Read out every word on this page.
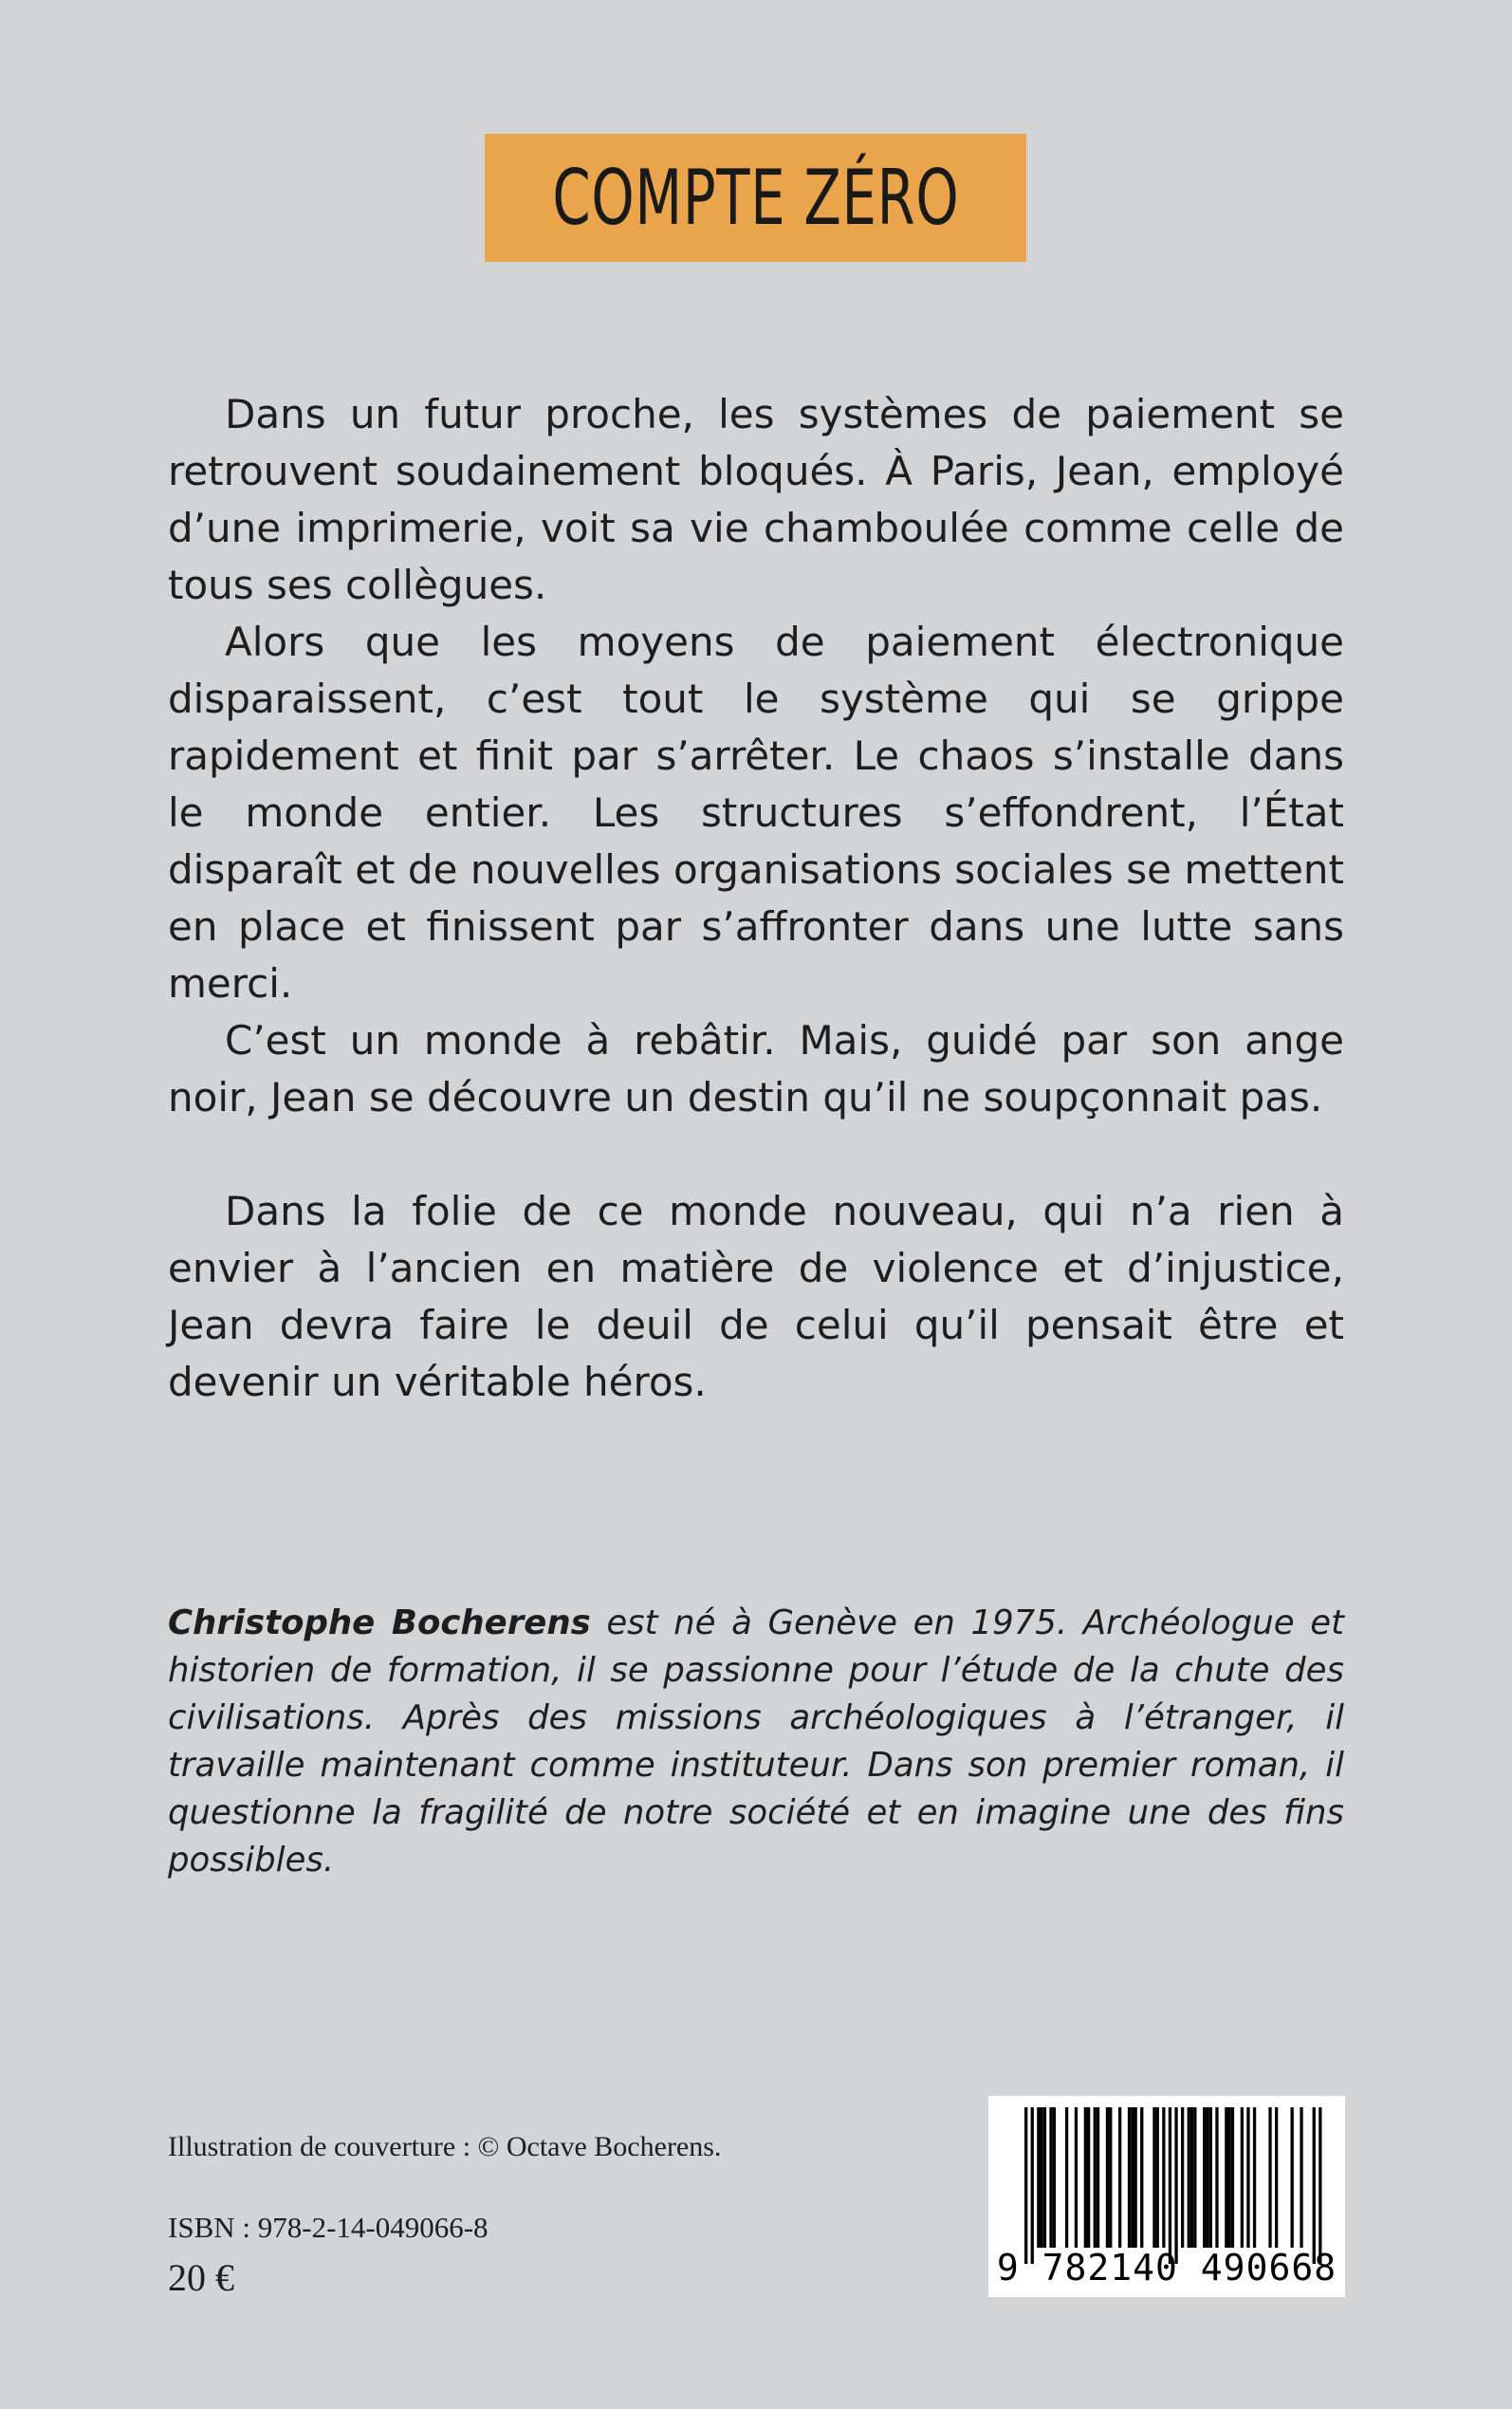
COMPTE ZÉRO

Dans un futur proche, les systèmes de paiement se retrouvent soudainement bloqués. À Paris, Jean, employé d’une imprimerie, voit sa vie chamboulée comme celle de tous ses collègues.

Alors que les moyens de paiement électronique disparaissent, c’est tout le système qui se grippe rapidement et finit par s’arrêter. Le chaos s’installe dans le monde entier. Les structures s’effondrent, l’État disparaît et de nouvelles organisations sociales se mettent en place et finissent par s’affronter dans une lutte sans merci.

C’est un monde à rebâtir. Mais, guidé par son ange noir, Jean se découvre un destin qu’il ne soupçonnait pas.

Dans la folie de ce monde nouveau, qui n’a rien à envier à l’ancien en matière de violence et d’injustice, Jean devra faire le deuil de celui qu’il pensait être et devenir un véritable héros.

Christophe Bocherens est né à Genève en 1975. Archéologue et historien de formation, il se passionne pour l’étude de la chute des civilisations. Après des missions archéologiques à l’étranger, il travaille maintenant comme instituteur. Dans son premier roman, il questionne la fragilité de notre société et en imagine une des fins possibles.

Illustration de couverture : © Octave Bocherens.

ISBN : 978-2-14-049066-8

20 €	9 782140 490668
